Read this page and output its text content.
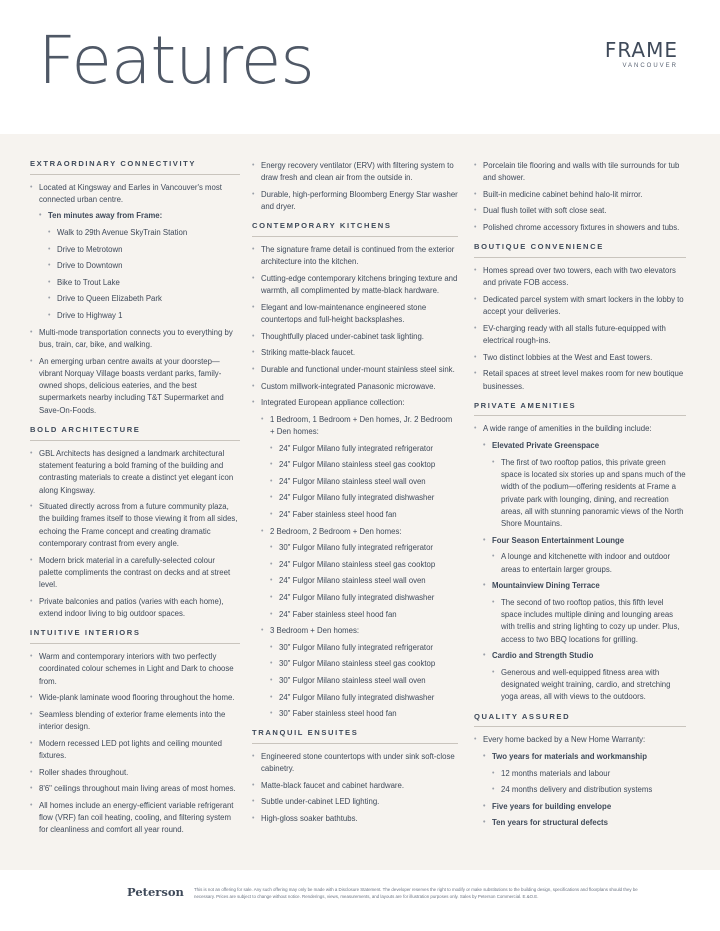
Features	FRAME
VANCOUVER
EXTRAORDINARY CONNECTIVITY
• Located at Kingsway and Earles in Vancouver's most connected urban centre.
• Ten minutes away from Frame:
• Walk to 29th Avenue SkyTrain Station
• Drive to Metrotown
• Drive to Downtown
• Bike to Trout Lake
• Drive to Queen Elizabeth Park
• Drive to Highway 1
• Multi-mode transportation connects you to everything by bus, train, car, bike, and walking.
• An emerging urban centre awaits at your doorstep—vibrant Norquay Village boasts verdant parks, family-owned shops, delicious eateries, and the best supermarkets nearby including T&T Supermarket and Save-On-Foods.
BOLD ARCHITECTURE
• GBL Architects has designed a landmark architectural statement featuring a bold framing of the building and contrasting materials to create a distinct yet elegant icon along Kingsway.
• Situated directly across from a future community plaza, the building frames itself to those viewing it from all sides, echoing the Frame concept and creating dramatic contemporary contrast from every angle.
• Modern brick material in a carefully-selected colour palette compliments the contrast on decks and at street level.
• Private balconies and patios (varies with each home), extend indoor living to big outdoor spaces.
INTUITIVE INTERIORS
• Warm and contemporary interiors with two perfectly coordinated colour schemes in Light and Dark to choose from.
• Wide-plank laminate wood flooring throughout the home.
• Seamless blending of exterior frame elements into the interior design.
• Modern recessed LED pot lights and ceiling mounted fixtures.
• Roller shades throughout.
• 8'6" ceilings throughout main living areas of most homes.
• All homes include an energy-efficient variable refrigerant flow (VRF) fan coil heating, cooling, and filtering system for cleanliness and comfort all year round.
• Energy recovery ventilator (ERV) with filtering system to draw fresh and clean air from the outside in.
• Durable, high-performing Bloomberg Energy Star washer and dryer.
CONTEMPORARY KITCHENS
• The signature frame detail is continued from the exterior architecture into the kitchen.
• Cutting-edge contemporary kitchens bringing texture and warmth, all complimented by matte-black hardware.
• Elegant and low-maintenance engineered stone countertops and full-height backsplashes.
• Thoughtfully placed under-cabinet task lighting.
• Striking matte-black faucet.
• Durable and functional under-mount stainless steel sink.
• Custom millwork-integrated Panasonic microwave.
• Integrated European appliance collection:
• 1 Bedroom, 1 Bedroom + Den homes, Jr. 2 Bedroom + Den homes:
• 24" Fulgor Milano fully integrated refrigerator
• 24" Fulgor Milano stainless steel gas cooktop
• 24" Fulgor Milano stainless steel wall oven
• 24" Fulgor Milano fully integrated dishwasher
• 24" Faber stainless steel hood fan
• 2 Bedroom, 2 Bedroom + Den homes:
• 30" Fulgor Milano fully integrated refrigerator
• 24" Fulgor Milano stainless steel gas cooktop
• 24" Fulgor Milano stainless steel wall oven
• 24" Fulgor Milano fully integrated dishwasher
• 24" Faber stainless steel hood fan
• 3 Bedroom + Den homes:
• 30" Fulgor Milano fully integrated refrigerator
• 30" Fulgor Milano stainless steel gas cooktop
• 30" Fulgor Milano stainless steel wall oven
• 24" Fulgor Milano fully integrated dishwasher
• 30" Faber stainless steel hood fan
TRANQUIL ENSUITES
• Engineered stone countertops with under sink soft-close cabinetry.
• Matte-black faucet and cabinet hardware.
• Subtle under-cabinet LED lighting.
• High-gloss soaker bathtubs.
• Porcelain tile flooring and walls with tile surrounds for tub and shower.
• Built-in medicine cabinet behind halo-lit mirror.
• Dual flush toilet with soft close seat.
• Polished chrome accessory fixtures in showers and tubs.
BOUTIQUE CONVENIENCE
• Homes spread over two towers, each with two elevators and private FOB access.
• Dedicated parcel system with smart lockers in the lobby to accept your deliveries.
• EV-charging ready with all stalls future-equipped with electrical rough-ins.
• Two distinct lobbies at the West and East towers.
• Retail spaces at street level makes room for new boutique businesses.
PRIVATE AMENITIES
• A wide range of amenities in the building include:
• Elevated Private Greenspace
• The first of two rooftop patios, this private green space is located six stories up and spans much of the width of the podium—offering residents at Frame a private park with lounging, dining, and recreation areas, all with stunning panoramic views of the North Shore Mountains.
• Four Season Entertainment Lounge
• A lounge and kitchenette with indoor and outdoor areas to entertain larger groups.
• Mountainview Dining Terrace
• The second of two rooftop patios, this fifth level space includes multiple dining and lounging areas with trellis and string lighting to cozy up under. Plus, access to two BBQ locations for grilling.
• Cardio and Strength Studio
• Generous and well-equipped fitness area with designated weight training, cardio, and stretching yoga areas, all with views to the outdoors.
QUALITY ASSURED
• Every home backed by a New Home Warranty:
• Two years for materials and workmanship
• 12 months materials and labour
• 24 months delivery and distribution systems
• Five years for building envelope
• Ten years for structural defects
Peterson This is not an offering for sale. Any such offering may only be made with a Disclosure Statement. The developer reserves the right to modify or make substitutions to the building design, specifications and floorplans should they be necessary. Prices are subject to change without notice. Renderings, views, measurements, and layouts are for illustration purposes only. Sales by Peterson Commercial. E.&O.E.
